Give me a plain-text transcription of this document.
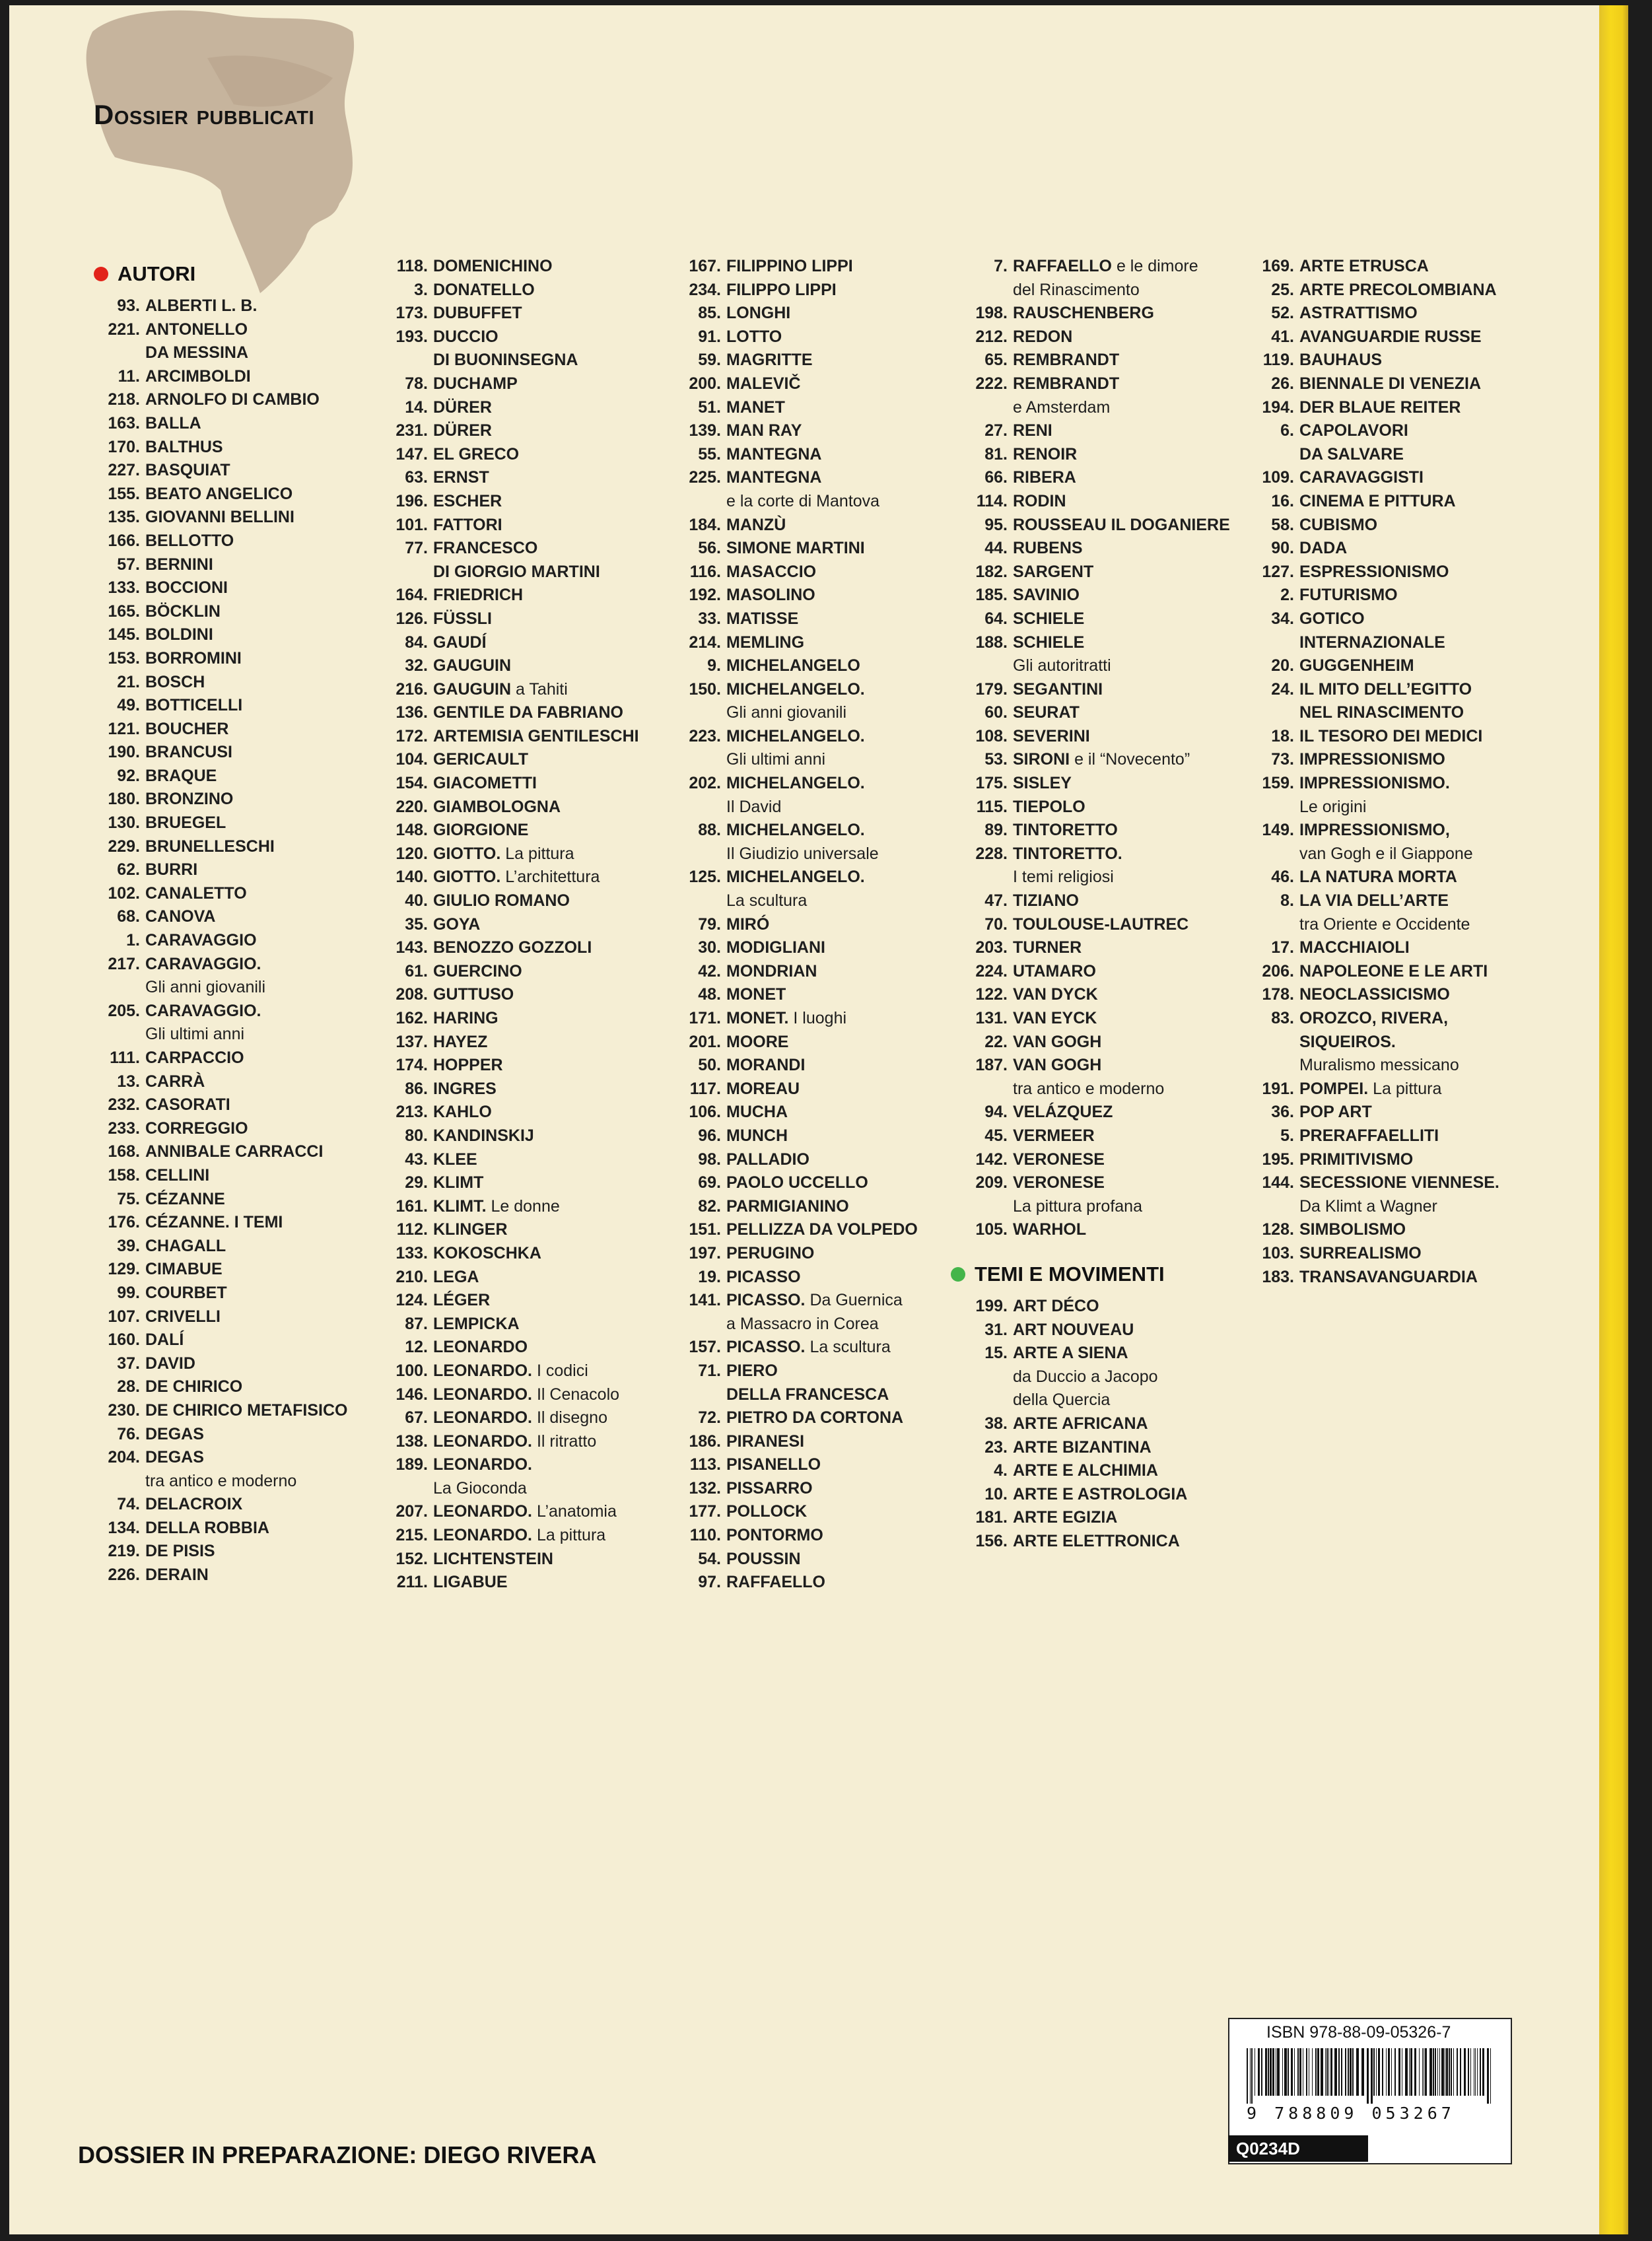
Dossier pubblicati
AUTORI
93. ALBERTI L. B.
221. ANTONELLO
DA MESSINA
11. ARCIMBOLDI
218. ARNOLFO DI CAMBIO
163. BALLA
170. BALTHUS
227. BASQUIAT
155. BEATO ANGELICO
135. GIOVANNI BELLINI
166. BELLOTTO
57. BERNINI
133. BOCCIONI
165. BÖCKLIN
145. BOLDINI
153. BORROMINI
21. BOSCH
49. BOTTICELLI
121. BOUCHER
190. BRANCUSI
92. BRAQUE
180. BRONZINO
130. BRUEGEL
229. BRUNELLESCHI
62. BURRI
102. CANALETTO
68. CANOVA
1. CARAVAGGIO
217. CARAVAGGIO.
Gli anni giovanili
205. CARAVAGGIO.
Gli ultimi anni
111. CARPACCIO
13. CARRÀ
232. CASORATI
233. CORREGGIO
168. ANNIBALE CARRACCI
158. CELLINI
75. CÉZANNE
176. CÉZANNE. I TEMI
39. CHAGALL
129. CIMABUE
99. COURBET
107. CRIVELLI
160. DALÍ
37. DAVID
28. DE CHIRICO
230. DE CHIRICO METAFISICO
76. DEGAS
204. DEGAS
tra antico e moderno
74. DELACROIX
134. DELLA ROBBIA
219. DE PISIS
226. DERAIN
118. DOMENICHINO
3. DONATELLO
173. DUBUFFET
193. DUCCIO
DI BUONINSEGNA
78. DUCHAMP
14. DÜRER
231. DÜRER
147. EL GRECO
63. ERNST
196. ESCHER
101. FATTORI
77. FRANCESCO
DI GIORGIO MARTINI
164. FRIEDRICH
126. FÜSSLI
84. GAUDÍ
32. GAUGUIN
216. GAUGUIN a Tahiti
136. GENTILE DA FABRIANO
172. ARTEMISIA GENTILESCHI
104. GERICAULT
154. GIACOMETTI
220. GIAMBOLOGNA
148. GIORGIONE
120. GIOTTO. La pittura
140. GIOTTO. L’architettura
40. GIULIO ROMANO
35. GOYA
143. BENOZZO GOZZOLI
61. GUERCINO
208. GUTTUSO
162. HARING
137. HAYEZ
174. HOPPER
86. INGRES
213. KAHLO
80. KANDINSKIJ
43. KLEE
29. KLIMT
161. KLIMT. Le donne
112. KLINGER
133. KOKOSCHKA
210. LEGA
124. LÉGER
87. LEMPICKA
12. LEONARDO
100. LEONARDO. I codici
146. LEONARDO. Il Cenacolo
67. LEONARDO. Il disegno
138. LEONARDO. Il ritratto
189. LEONARDO.
La Gioconda
207. LEONARDO. L’anatomia
215. LEONARDO. La pittura
152. LICHTENSTEIN
211. LIGABUE
167. FILIPPINO LIPPI
234. FILIPPO LIPPI
85. LONGHI
91. LOTTO
59. MAGRITTE
200. MALEVIČ
51. MANET
139. MAN RAY
55. MANTEGNA
225. MANTEGNA
e la corte di Mantova
184. MANZÙ
56. SIMONE MARTINI
116. MASACCIO
192. MASOLINO
33. MATISSE
214. MEMLING
9. MICHELANGELO
150. MICHELANGELO.
Gli anni giovanili
223. MICHELANGELO.
Gli ultimi anni
202. MICHELANGELO.
Il David
88. MICHELANGELO.
Il Giudizio universale
125. MICHELANGELO.
La scultura
79. MIRÓ
30. MODIGLIANI
42. MONDRIAN
48. MONET
171. MONET. I luoghi
201. MOORE
50. MORANDI
117. MOREAU
106. MUCHA
96. MUNCH
98. PALLADIO
69. PAOLO UCCELLO
82. PARMIGIANINO
151. PELLIZZA DA VOLPEDO
197. PERUGINO
19. PICASSO
141. PICASSO. Da Guernica
a Massacro in Corea
157. PICASSO. La scultura
71. PIERO
DELLA FRANCESCA
72. PIETRO DA CORTONA
186. PIRANESI
113. PISANELLO
132. PISSARRO
177. POLLOCK
110. PONTORMO
54. POUSSIN
97. RAFFAELLO
7. RAFFAELLO e le dimore
del Rinascimento
198. RAUSCHENBERG
212. REDON
65. REMBRANDT
222. REMBRANDT
e Amsterdam
27. RENI
81. RENOIR
66. RIBERA
114. RODIN
95. ROUSSEAU IL DOGANIERE
44. RUBENS
182. SARGENT
185. SAVINIO
64. SCHIELE
188. SCHIELE
Gli autoritratti
179. SEGANTINI
60. SEURAT
108. SEVERINI
53. SIRONI e il “Novecento”
175. SISLEY
115. TIEPOLO
89. TINTORETTO
228. TINTORETTO.
I temi religiosi
47. TIZIANO
70. TOULOUSE-LAUTREC
203. TURNER
224. UTAMARO
122. VAN DYCK
131. VAN EYCK
22. VAN GOGH
187. VAN GOGH
tra antico e moderno
94. VELÁZQUEZ
45. VERMEER
142. VERONESE
209. VERONESE
La pittura profana
105. WARHOL
TEMI E MOVIMENTI
199. ART DÉCO
31. ART NOUVEAU
15. ARTE A SIENA
da Duccio a Jacopo
della Quercia
38. ARTE AFRICANA
23. ARTE BIZANTINA
4. ARTE E ALCHIMIA
10. ARTE E ASTROLOGIA
181. ARTE EGIZIA
156. ARTE ELETTRONICA
169. ARTE ETRUSCA
25. ARTE PRECOLOMBIANA
52. ASTRATTISMO
41. AVANGUARDIE RUSSE
119. BAUHAUS
26. BIENNALE DI VENEZIA
194. DER BLAUE REITER
6. CAPOLAVORI
DA SALVARE
109. CARAVAGGISTI
16. CINEMA E PITTURA
58. CUBISMO
90. DADA
127. ESPRESSIONISMO
2. FUTURISMO
34. GOTICO
INTERNAZIONALE
20. GUGGENHEIM
24. IL MITO DELL’EGITTO
NEL RINASCIMENTO
18. IL TESORO DEI MEDICI
73. IMPRESSIONISMO
159. IMPRESSIONISMO.
Le origini
149. IMPRESSIONISMO,
van Gogh e il Giappone
46. LA NATURA MORTA
8. LA VIA DELL’ARTE
tra Oriente e Occidente
17. MACCHIAIOLI
206. NAPOLEONE E LE ARTI
178. NEOCLASSICISMO
83. OROZCO, RIVERA,
SIQUEIROS.
Muralismo messicano
191. POMPEI. La pittura
36. POP ART
5. PRERAFFAELLITI
195. PRIMITIVISMO
144. SECESSIONE VIENNESE.
Da Klimt a Wagner
128. SIMBOLISMO
103. SURREALISMO
183. TRANSAVANGUARDIA
DOSSIER IN PREPARAZIONE: DIEGO RIVERA
ISBN 978-88-09-05326-7
9 788809 053267
Q0234D
